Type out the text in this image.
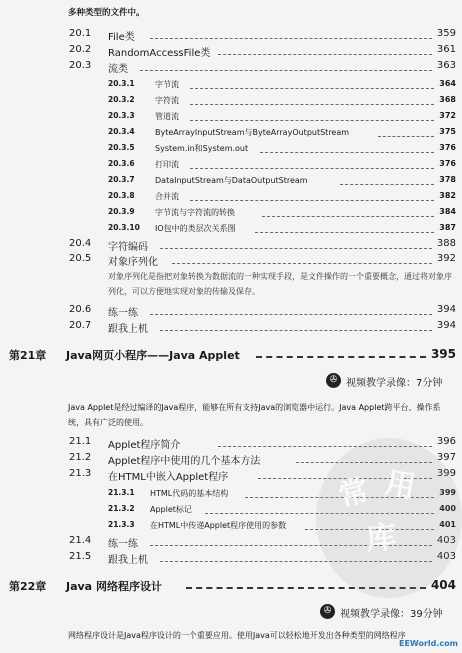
多种类型的文件中。
20.1 File类	359
20.2 RandomAccessFile类	361
20.3 流类	363
20.3.1	字节流	364
20.3.2	字符流	368
20.3.3	管道流	372
20.3.4	ByteArrayInputStream与ByteArrayOutputStream	375
20.3.5	System.in和System.out	376
20.3.6	打印流	376
20.3.7	DataInputStream与DataOutputStream	378
20.3.8	合并流	382
20.3.9	字节流与字符流的转换	384
20.3.10 IO包中的类层次关系图	387
20.4 字符编码	388
20.5 对象序列化	392
对象序列化是指把对象转换为数据流的一种实现手段，是文件操作的一个重要概念，通过将对象序列化，可以方便地实现对象的传输及保存。
20.6 练一练	394
20.7 跟我上机	394
第21章 Java网页小程序——Java Applet	395
✇ 视频教学录像：7分钟
Java Applet是经过编译的Java程序，能够在所有支持Java的浏览器中运行。Java Applet跨平台、操作系统，具有广泛的使用。
21.1 Applet程序简介	396
21.2 Applet程序中使用的几个基本方法	397
21.3 在HTML中嵌入Applet程序	399
21.3.1 HTML代码的基本结构	399
21.3.2 Applet标记	400
21.3.3 在HTML中传递Applet程序使用的参数	401
21.4 练一练	403
21.5 跟我上机	403
第22章 Java 网络程序设计	404
✇ 视频教学录像：39分钟
网络程序设计是Java程序设计的一个重要应用。使用Java可以轻松地开发出各种类型的网络程序
常 用
库
EEWorld.com
